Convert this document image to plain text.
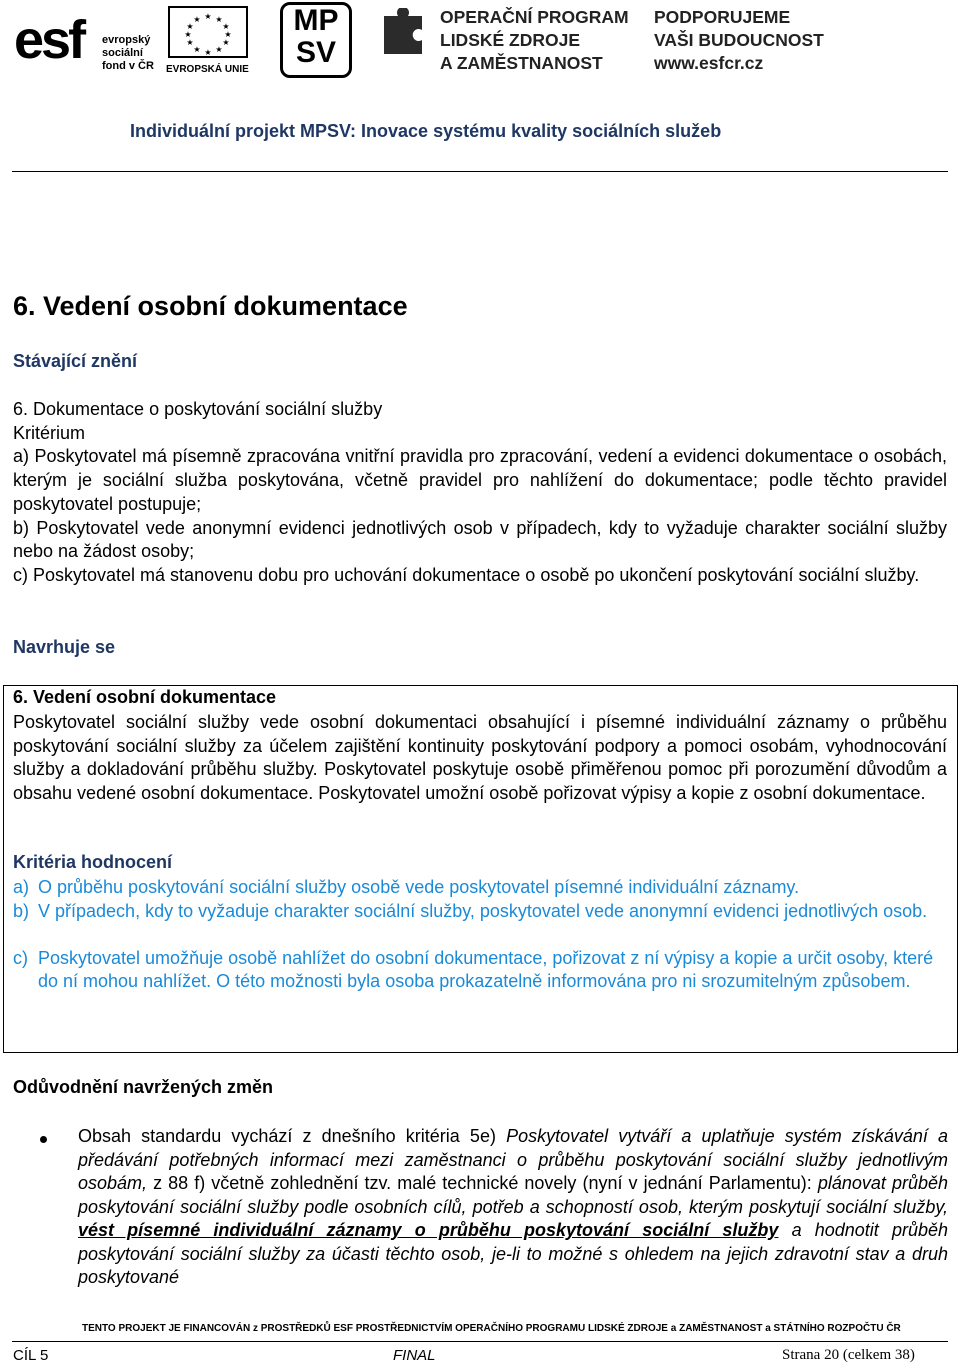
esf evropský
sociální
fond v ČR
★ ★
★
★
★
★
★
★
★
★
★
★
EVROPSKÁ UNIE
MP
SV
OPERAČNÍ PROGRAM
LIDSKÉ ZDROJE
A ZAMĚSTNANOST
PODPORUJEME
VAŠI BUDOUCNOST
www.esfcr.cz
Individuální projekt MPSV: Inovace systému kvality sociálních služeb
6. Vedení osobní dokumentace
Stávající znění
6. Dokumentace o poskytování sociální služby
Kritérium
a) Poskytovatel má písemně zpracována vnitřní pravidla pro zpracování, vedení a evidenci dokumentace o osobách, kterým je sociální služba poskytována, včetně pravidel pro nahlížení do dokumentace; podle těchto pravidel poskytovatel postupuje;
b) Poskytovatel vede anonymní evidenci jednotlivých osob v případech, kdy to vyžaduje charakter sociální služby nebo na žádost osoby;
c) Poskytovatel má stanovenu dobu pro uchování dokumentace o osobě po ukončení poskytování sociální služby.
Navrhuje se
6. Vedení osobní dokumentace
Poskytovatel sociální služby vede osobní dokumentaci obsahující i písemné individuální záznamy o průběhu poskytování sociální služby za účelem zajištění kontinuity poskytování podpory a pomoci osobám, vyhodnocování služby a dokladování průběhu služby. Poskytovatel poskytuje osobě přiměřenou pomoc při porozumění důvodům a obsahu vedené osobní dokumentace. Poskytovatel umožní osobě pořizovat výpisy a kopie z osobní dokumentace.
Kritéria hodnocení
a) O průběhu poskytování sociální služby osobě vede poskytovatel písemné individuální záznamy.
b) V případech, kdy to vyžaduje charakter sociální služby, poskytovatel vede anonymní evidenci jednotlivých osob.
c) Poskytovatel umožňuje osobě nahlížet do osobní dokumentace, pořizovat z ní výpisy a kopie a určit osoby, které do ní mohou nahlížet. O této možnosti byla osoba prokazatelně informována pro ni srozumitelným způsobem.
Odůvodnění navržených změn
Obsah standardu vychází z dnešního kritéria 5e) Poskytovatel vytváří a uplatňuje systém získávání a předávání potřebných informací mezi zaměstnanci o průběhu poskytování sociální služby jednotlivým osobám, z 88 f) včetně zohlednění tzv. malé technické novely (nyní v jednání Parlamentu): plánovat průběh poskytování sociální služby podle osobních cílů, potřeb a schopností osob, kterým poskytují sociální služby, vést písemné individuální záznamy o průběhu poskytování sociální služby a hodnotit průběh poskytování sociální služby za účasti těchto osob, je-li to možné s ohledem na jejich zdravotní stav a druh poskytované
TENTO PROJEKT JE FINANCOVÁN z PROSTŘEDKŮ ESF PROSTŘEDNICTVÍM OPERAČNÍHO PROGRAMU LIDSKÉ ZDROJE a ZAMĚSTNANOST a STÁTNÍHO ROZPOČTU ČR
CÍL 5	FINAL	Strana 20 (celkem 38)
